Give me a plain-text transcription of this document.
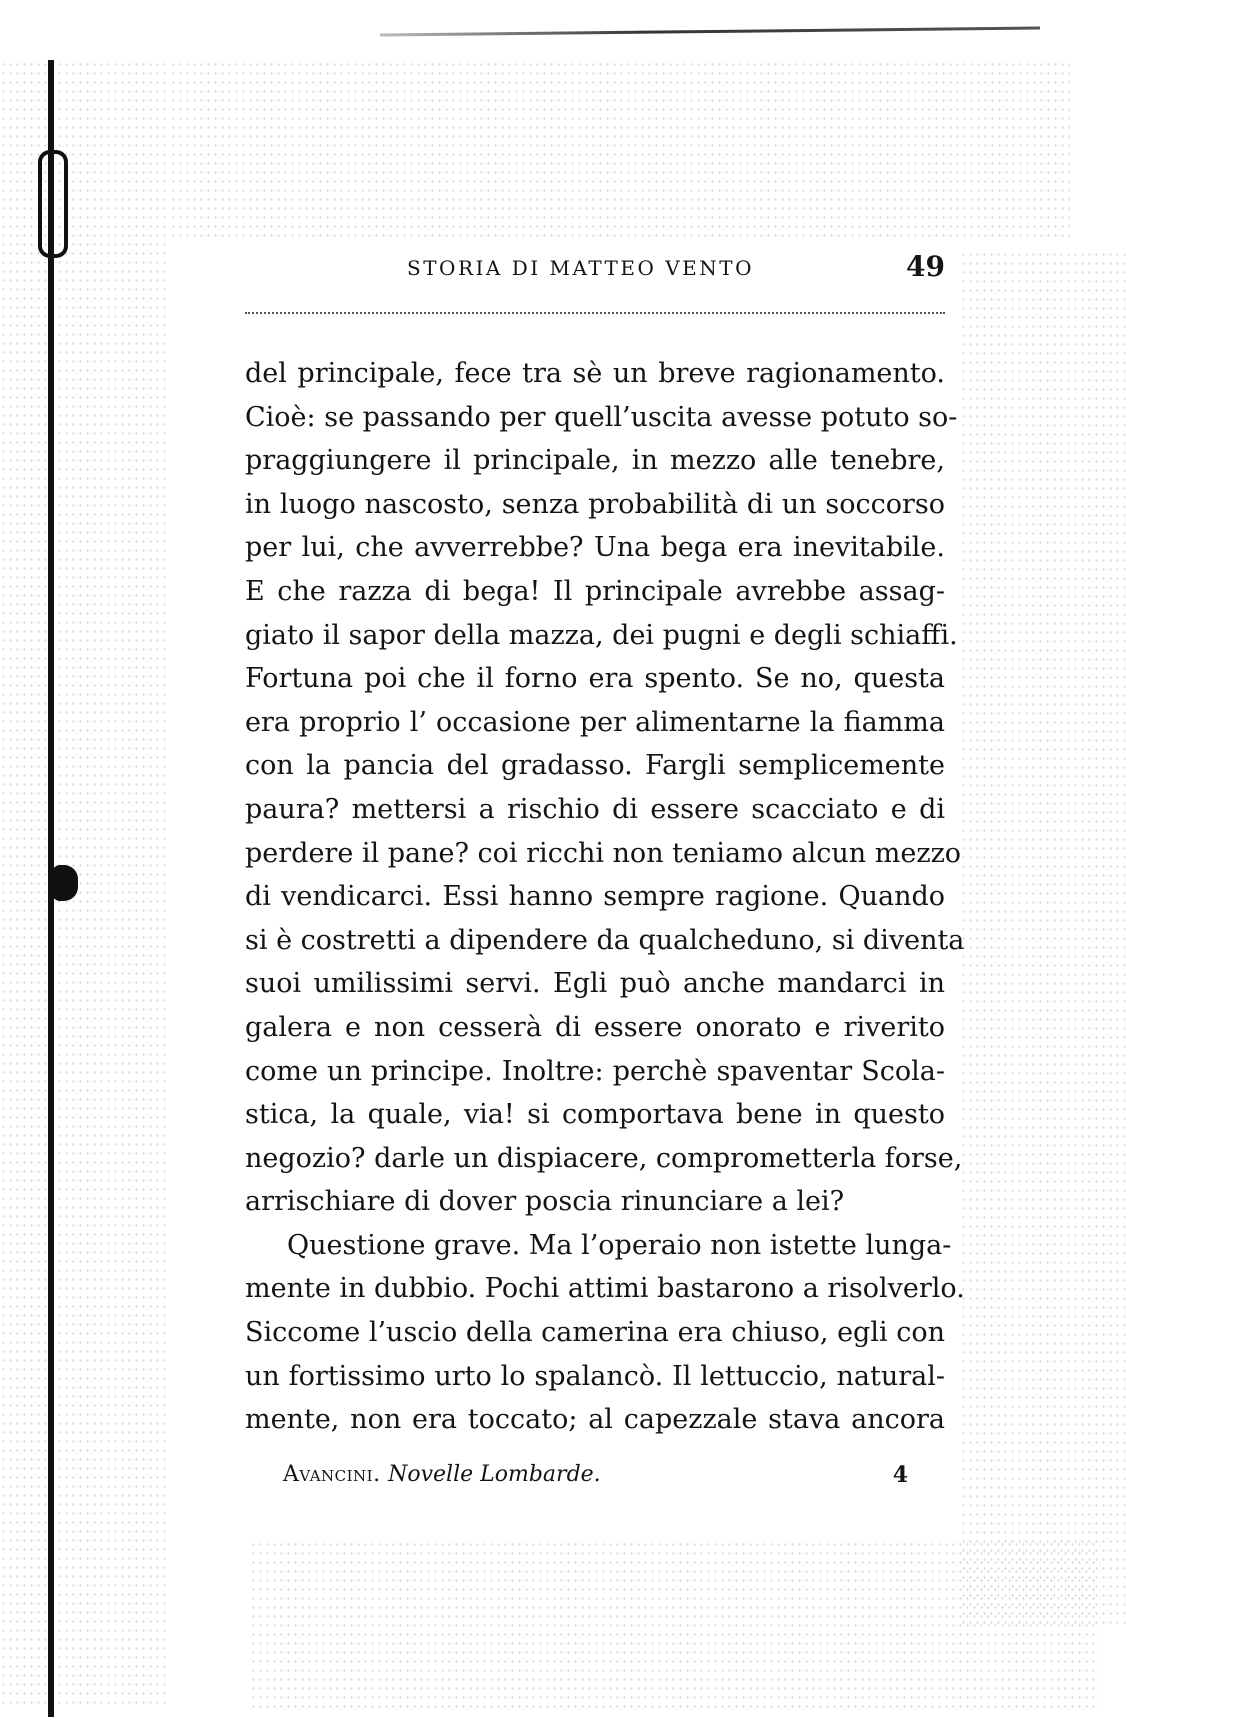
STORIA DI MATTEO VENTO	49
del principale, fece tra sè un breve ragionamento.
Cioè: se passando per quell’uscita avesse potuto so-
praggiungere il principale, in mezzo alle tenebre,
in luogo nascosto, senza probabilità di un soccorso
per lui, che avverrebbe? Una bega era inevitabile.
E che razza di bega! Il principale avrebbe assag-
giato il sapor della mazza, dei pugni e degli schiaffi.
Fortuna poi che il forno era spento. Se no, questa
era proprio l’ occasione per alimentarne la fiamma
con la pancia del gradasso. Fargli semplicemente
paura? mettersi a rischio di essere scacciato e di
perdere il pane? coi ricchi non teniamo alcun mezzo
di vendicarci. Essi hanno sempre ragione. Quando
si è costretti a dipendere da qualcheduno, si diventa
suoi umilissimi servi. Egli può anche mandarci in
galera e non cesserà di essere onorato e riverito
come un principe. Inoltre: perchè spaventar Scola-
stica, la quale, via! si comportava bene in questo
negozio? darle un dispiacere, comprometterla forse,
arrischiare di dover poscia rinunciare a lei?
Questione grave. Ma l’operaio non istette lunga-
mente in dubbio. Pochi attimi bastarono a risolverlo.
Siccome l’uscio della camerina era chiuso, egli con
un fortissimo urto lo spalancò. Il lettuccio, natural-
mente, non era toccato; al capezzale stava ancora
Avancini. Novelle Lombarde.	4
